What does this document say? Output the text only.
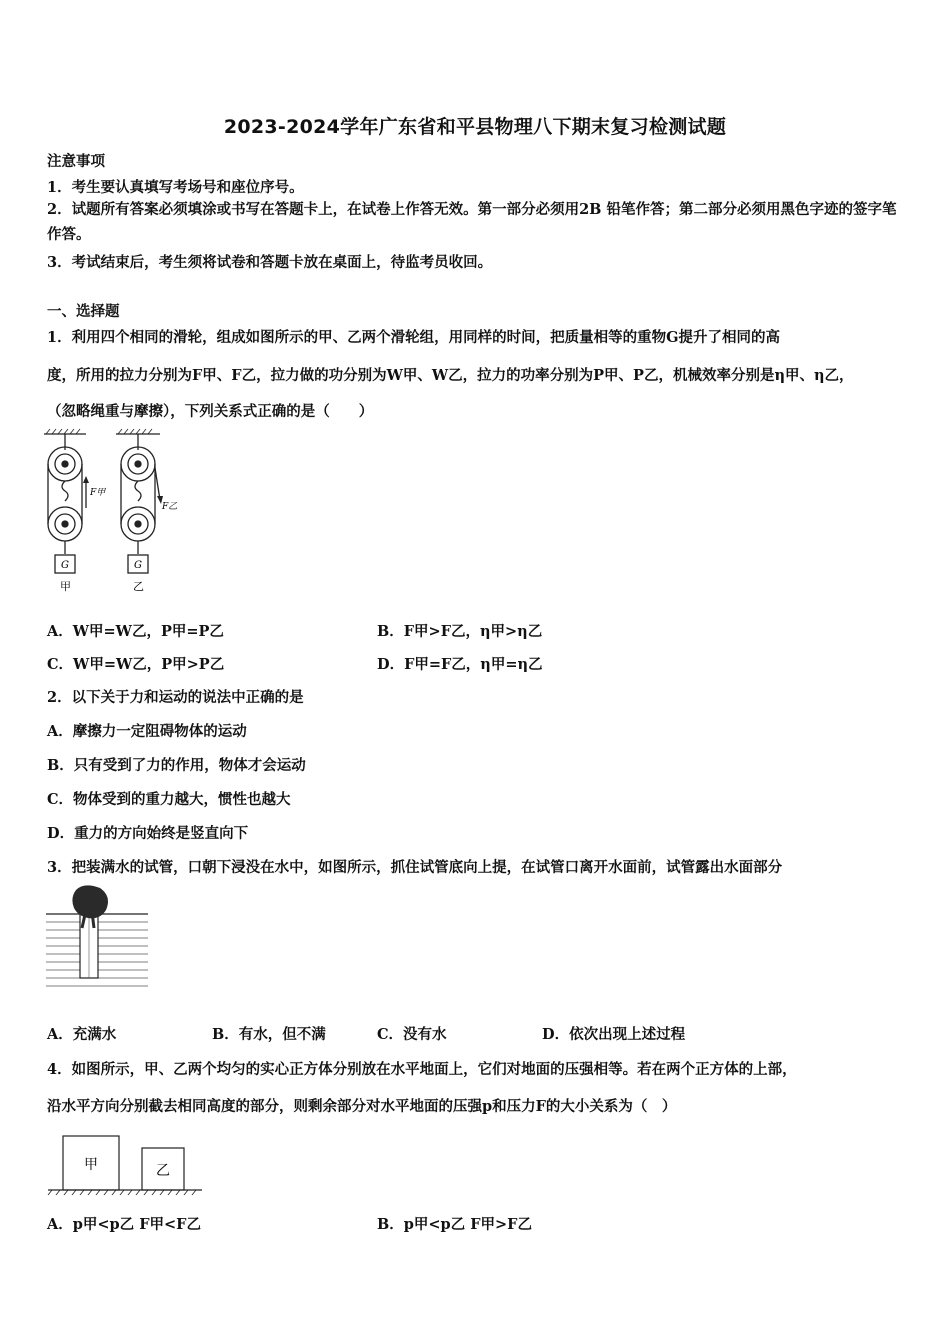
2023-2024学年广东省和平县物理八下期末复习检测试题
注意事项
1．考生要认真填写考场号和座位序号。
2．试题所有答案必须填涂或书写在答题卡上，在试卷上作答无效。第一部分必须用2B 铅笔作答；第二部分必须用黑色字迹的签字笔作答。
3．考试结束后，考生须将试卷和答题卡放在桌面上，待监考员收回。
一、选择题
1．利用四个相同的滑轮，组成如图所示的甲、乙两个滑轮组，用同样的时间，把质量相等的重物G提升了相同的高
度，所用的拉力分别为F甲、F乙，拉力做的功分别为W甲、W乙，拉力的功率分别为P甲、P乙，机械效率分别是η甲、η乙，
（忽略绳重与摩擦），下列关系式正确的是（　　）
F甲
F乙
G	G
甲	乙
A．W甲=W乙，P甲=P乙	B．F甲>F乙，η甲>η乙
C．W甲=W乙，P甲>P乙	D．F甲=F乙，η甲=η乙
2．以下关于力和运动的说法中正确的是
A．摩擦力一定阻碍物体的运动
B．只有受到了力的作用，物体才会运动
C．物体受到的重力越大，惯性也越大
D．重力的方向始终是竖直向下
3．把装满水的试管，口朝下浸没在水中，如图所示，抓住试管底向上提，在试管口离开水面前，试管露出水面部分
A．充满水	B．有水，但不满	C．没有水	D．依次出现上述过程
4．如图所示，甲、乙两个均匀的实心正方体分别放在水平地面上，它们对地面的压强相等。若在两个正方体的上部，
沿水平方向分别截去相同高度的部分，则剩余部分对水平地面的压强p和压力F的大小关系为（　）
甲	乙
A．p甲<p乙 F甲<F乙	B．p甲<p乙 F甲>F乙
